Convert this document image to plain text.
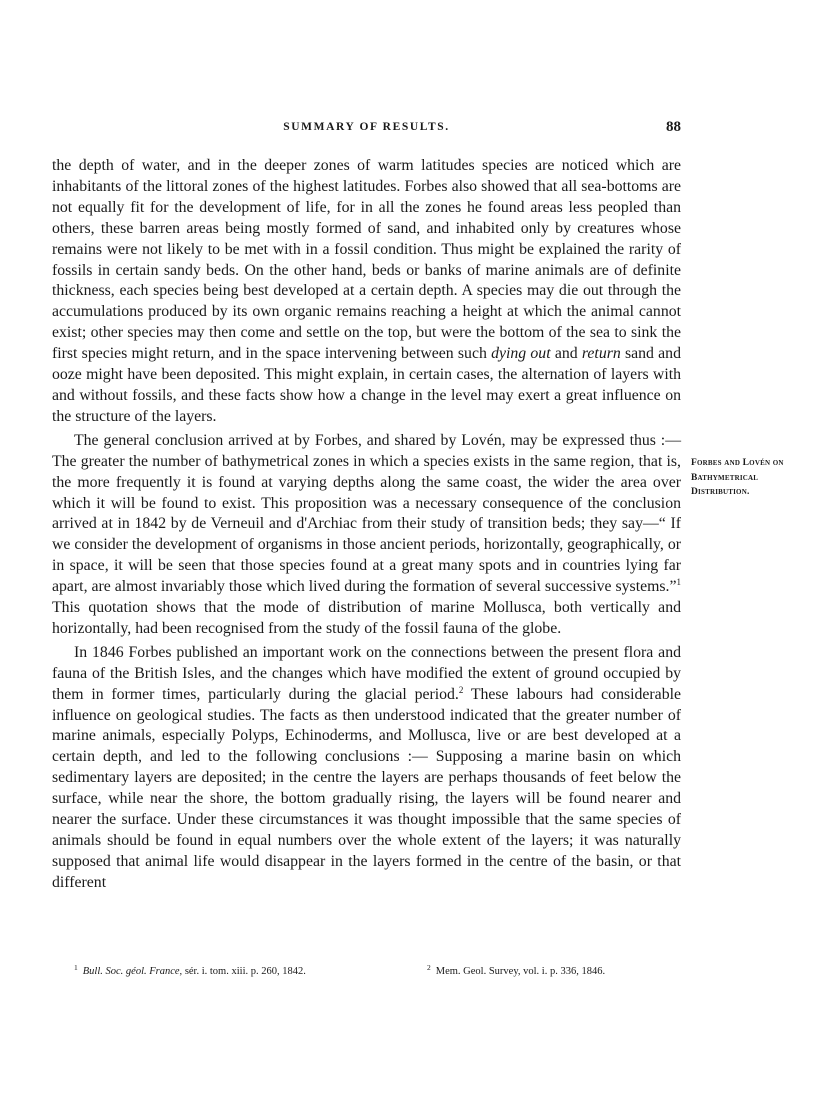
SUMMARY OF RESULTS.	88

the depth of water, and in the deeper zones of warm latitudes species are noticed which are inhabitants of the littoral zones of the highest latitudes. Forbes also showed that all sea-bottoms are not equally fit for the development of life, for in all the zones he found areas less peopled than others, these barren areas being mostly formed of sand, and inhabited only by creatures whose remains were not likely to be met with in a fossil condition. Thus might be explained the rarity of fossils in certain sandy beds. On the other hand, beds or banks of marine animals are of definite thickness, each species being best developed at a certain depth. A species may die out through the accumulations produced by its own organic remains reaching a height at which the animal cannot exist; other species may then come and settle on the top, but were the bottom of the sea to sink the first species might return, and in the space intervening between such dying out and return sand and ooze might have been deposited. This might explain, in certain cases, the alternation of layers with and without fossils, and these facts show how a change in the level may exert a great influence on the structure of the layers.

The general conclusion arrived at by Forbes, and shared by Lovén, may be expressed thus :—The greater the number of bathymetrical zones in which a species exists in the same region, that is, the more frequently it is found at varying depths along the same coast, the wider the area over which it will be found to exist. This proposition was a necessary consequence of the conclusion arrived at in 1842 by de Verneuil and d'Archiac from their study of transition beds; they say—“ If we consider the development of organisms in those ancient periods, horizontally, geographically, or in space, it will be seen that those species found at a great many spots and in countries lying far apart, are almost invariably those which lived during the formation of several successive systems.”$^1$ This quotation shows that the mode of distribution of marine Mollusca, both vertically and horizontally, had been recognised from the study of the fossil fauna of the globe.

In 1846 Forbes published an important work on the connections between the present flora and fauna of the British Isles, and the changes which have modified the extent of ground occupied by them in former times, particularly during the glacial period.$^2$ These labours had considerable influence on geological studies. The facts as then understood indicated that the greater number of marine animals, especially Polyps, Echinoderms, and Mollusca, live or are best developed at a certain depth, and led to the following conclusions :— Supposing a marine basin on which sedimentary layers are deposited; in the centre the layers are perhaps thousands of feet below the surface, while near the shore, the bottom gradually rising, the layers will be found nearer and nearer the surface. Under these circumstances it was thought impossible that the same species of animals should be found in equal numbers over the whole extent of the layers; it was naturally supposed that animal life would disappear in the layers formed in the centre of the basin, or that different

Forbes and Lovén on Bathymetrical Distribution.
$^1$ Bull. Soc. géol. France, sér. i. tom. xiii. p. 260, 1842.	$^2$ Mem. Geol. Survey, vol. i. p. 336, 1846.
